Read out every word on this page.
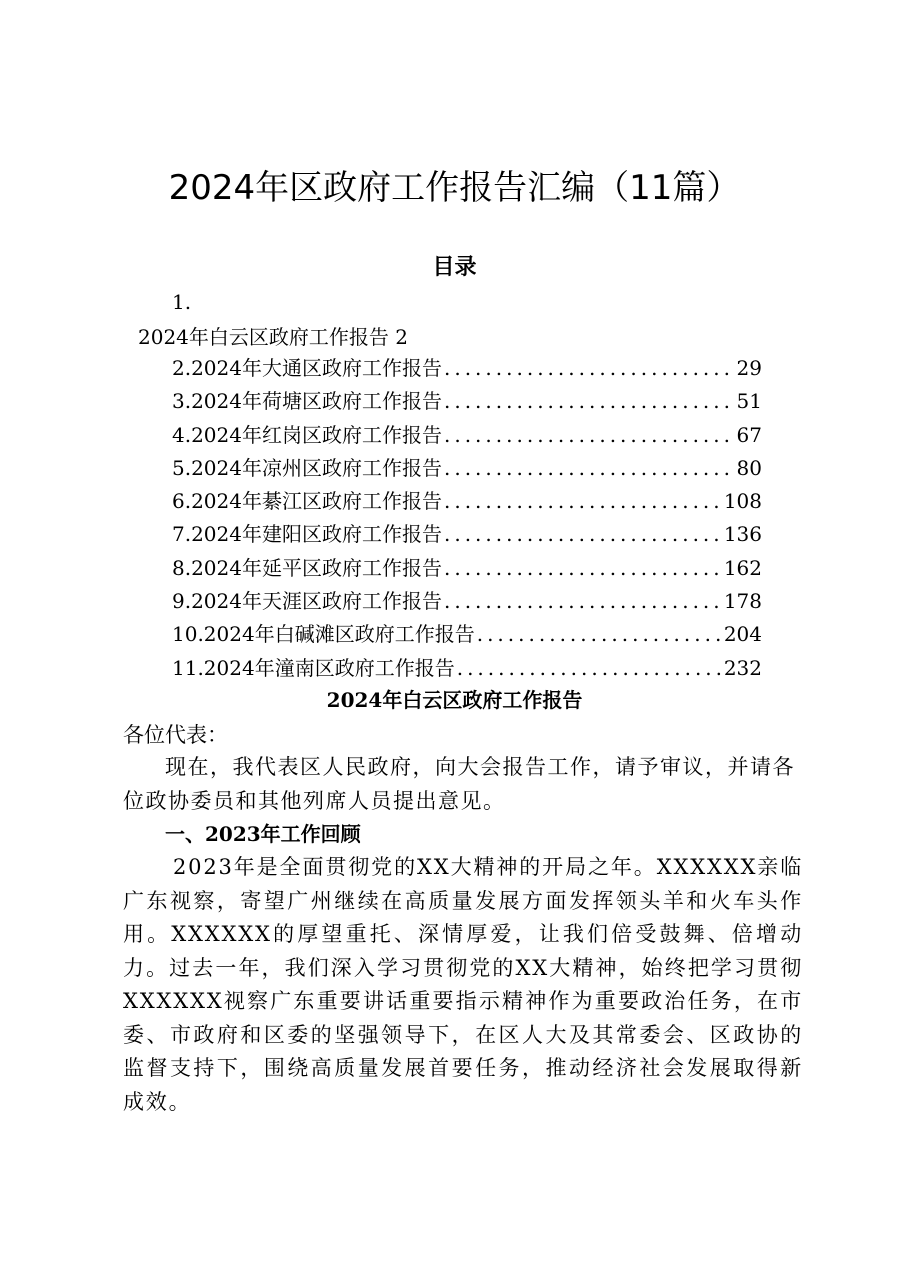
2024年区政府工作报告汇编（11篇）
目录
1.
2024年白云区政府工作报告 2
2.2024年大通区政府工作报告 .....	29
3.2024年荷塘区政府工作报告 .....	51
4.2024年红岗区政府工作报告 .....	67
5.2024年凉州区政府工作报告 .....	80
6.2024年綦江区政府工作报告 .....	108
7.2024年建阳区政府工作报告 .....	136
8.2024年延平区政府工作报告 .....	162
9.2024年天涯区政府工作报告 .....	178
10.2024年白碱滩区政府工作报告 .....	204
11.2024年潼南区政府工作报告 .....	232
2024年白云区政府工作报告
各位代表：

现在，我代表区人民政府，向大会报告工作，请予审议，并请各位政协委员和其他列席人员提出意见。

一、2023年工作回顾

2023年是全面贯彻党的XX大精神的开局之年。XXXXXX亲临广东视察，寄望广州继续在高质量发展方面发挥领头羊和火车头作用。XXXXXX的厚望重托、深情厚爱，让我们倍受鼓舞、倍增动力。过去一年，我们深入学习贯彻党的XX大精神，始终把学习贯彻XXXXXX视察广东重要讲话重要指示精神作为重要政治任务，在市委、市政府和区委的坚强领导下，在区人大及其常委会、区政协的监督支持下，围绕高质量发展首要任务，推动经济社会发展取得新成效。
